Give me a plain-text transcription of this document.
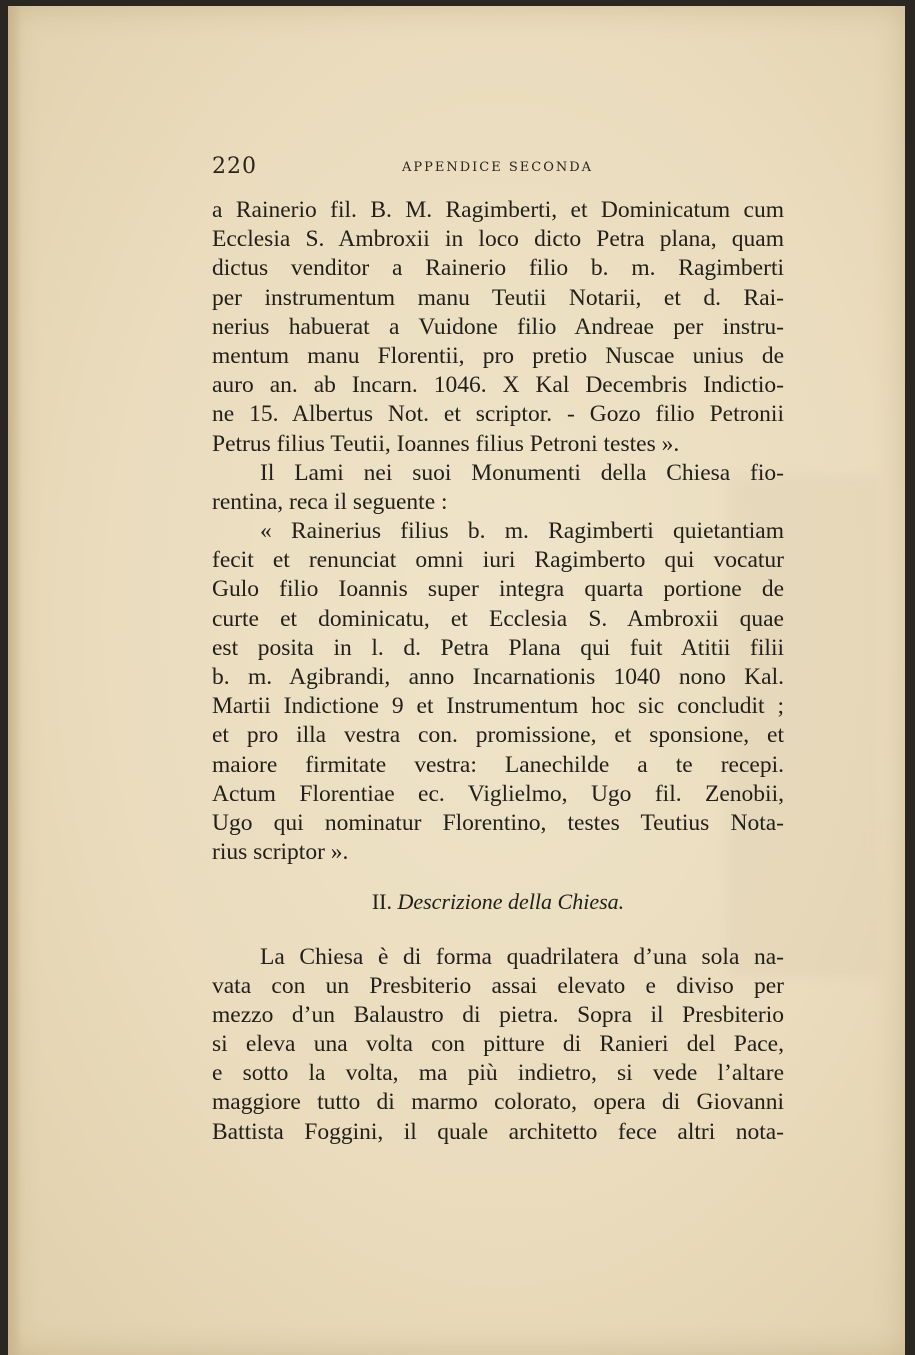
220	APPENDICE SECONDA
a Rainerio fil. B. M. Ragimberti, et Dominicatum cum
Ecclesia S. Ambroxii in loco dicto Petra plana, quam
dictus venditor a Rainerio filio b. m. Ragimberti
per instrumentum manu Teutii Notarii, et d. Rai-
nerius habuerat a Vuidone filio Andreae per instru-
mentum manu Florentii, pro pretio Nuscae unius de
auro an. ab Incarn. 1046. X Kal Decembris Indictio-
ne 15. Albertus Not. et scriptor. - Gozo filio Petronii
Petrus filius Teutii, Ioannes filius Petroni testes ».
Il Lami nei suoi Monumenti della Chiesa fio-
rentina, reca il seguente :
« Rainerius filius b. m. Ragimberti quietantiam
fecit et renunciat omni iuri Ragimberto qui vocatur
Gulo filio Ioannis super integra quarta portione de
curte et dominicatu, et Ecclesia S. Ambroxii quae
est posita in l. d. Petra Plana qui fuit Atitii filii
b. m. Agibrandi, anno Incarnationis 1040 nono Kal.
Martii Indictione 9 et Instrumentum hoc sic concludit ;
et pro illa vestra con. promissione, et sponsione, et
maiore firmitate vestra: Lanechilde a te recepi.
Actum Florentiae ec. Viglielmo, Ugo fil. Zenobii,
Ugo qui nominatur Florentino, testes Teutius Nota-
rius scriptor ».
II. Descrizione della Chiesa.
La Chiesa è di forma quadrilatera d’una sola na-
vata con un Presbiterio assai elevato e diviso per
mezzo d’un Balaustro di pietra. Sopra il Presbiterio
si eleva una volta con pitture di Ranieri del Pace,
e sotto la volta, ma più indietro, si vede l’altare
maggiore tutto di marmo colorato, opera di Giovanni
Battista Foggini, il quale architetto fece altri nota-
